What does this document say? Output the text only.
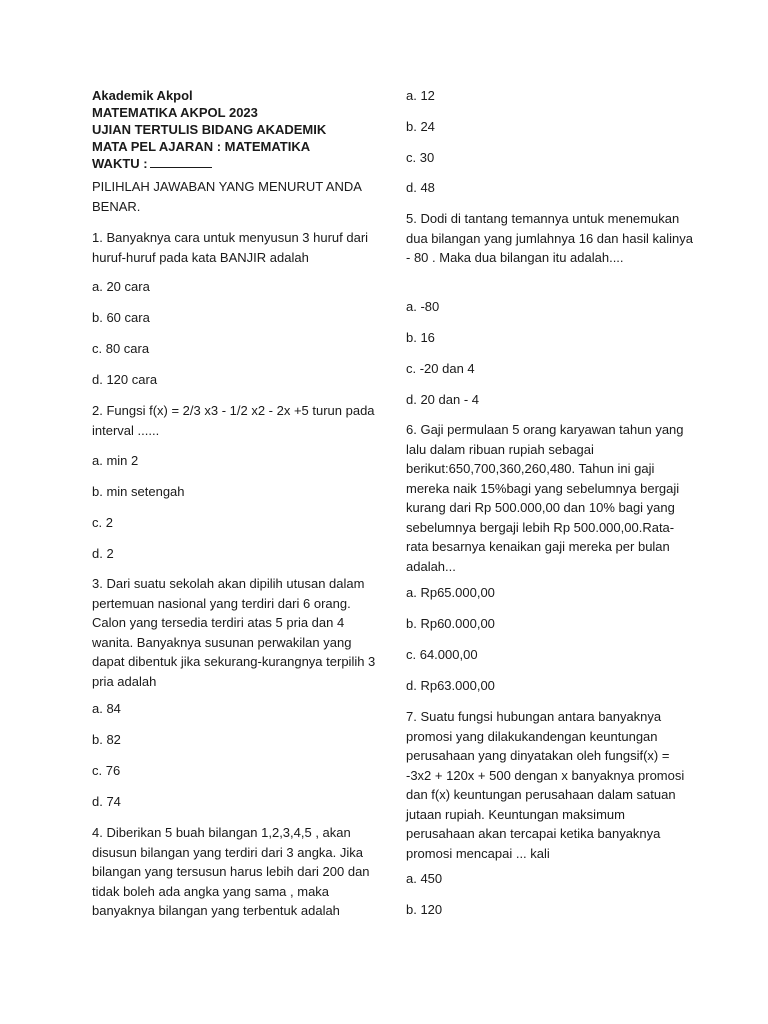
Akademik Akpol
MATEMATIKA AKPOL 2023
UJIAN TERTULIS BIDANG AKADEMIK
MATA PEL AJARAN : MATEMATIKA
WAKTU :
PILIHLAH JAWABAN YANG MENURUT ANDA BENAR.
1. Banyaknya cara untuk menyusun 3 huruf dari huruf-huruf pada kata BANJIR adalah
a. 20 cara
b. 60 cara
c. 80 cara
d. 120 cara
2. Fungsi f(x) = 2/3 x3 - 1/2 x2 - 2x +5 turun pada interval ......
a. min 2
b. min setengah
c. 2
d. 2
3. Dari suatu sekolah akan dipilih utusan dalam pertemuan nasional yang terdiri dari 6 orang. Calon yang tersedia terdiri atas 5 pria dan 4 wanita. Banyaknya susunan perwakilan yang dapat dibentuk jika sekurang-kurangnya terpilih 3 pria adalah
a. 84
b. 82
c. 76
d. 74
4. Diberikan 5 buah bilangan 1,2,3,4,5 , akan disusun bilangan yang terdiri dari 3 angka. Jika bilangan yang tersusun harus lebih dari 200 dan tidak boleh ada angka yang sama , maka banyaknya bilangan yang terbentuk adalah
a. 12
b. 24
c. 30
d. 48
5. Dodi di tantang temannya untuk menemukan dua bilangan yang jumlahnya 16 dan hasil kalinya - 80 . Maka dua bilangan itu adalah....
a. -80
b. 16
c. -20 dan 4
d. 20 dan - 4
6. Gaji permulaan 5 orang karyawan tahun yang lalu dalam ribuan rupiah sebagai berikut:650,700,360,260,480. Tahun ini gaji mereka naik 15%bagi yang sebelumnya bergaji kurang dari Rp 500.000,00 dan 10% bagi yang sebelumnya bergaji lebih Rp 500.000,00.Rata-rata besarnya kenaikan gaji mereka per bulan adalah...
a. Rp65.000,00
b. Rp60.000,00
c. 64.000,00
d. Rp63.000,00
7. Suatu fungsi hubungan antara banyaknya promosi yang dilakukandengan keuntungan perusahaan yang dinyatakan oleh fungsif(x) = -3x2 + 120x + 500 dengan x banyaknya promosi dan f(x) keuntungan perusahaan dalam satuan jutaan rupiah. Keuntungan maksimum perusahaan akan tercapai ketika banyaknya promosi mencapai ... kali
a. 450
b. 120
